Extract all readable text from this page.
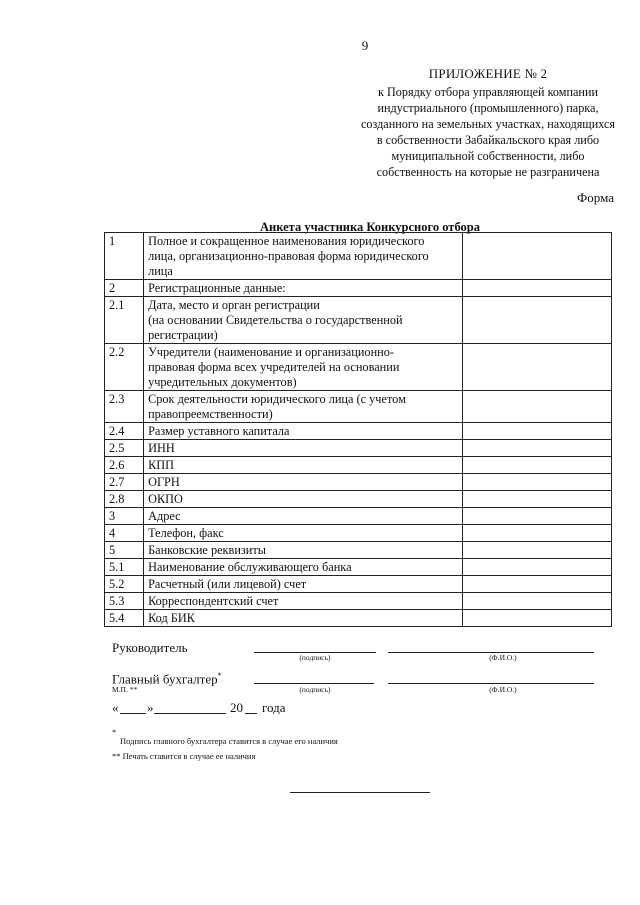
9
ПРИЛОЖЕНИЕ № 2
к Порядку отбора управляющей компании
индустриального (промышленного) парка,
созданного на земельных участках, находящихся
в собственности Забайкальского края либо
муниципальной собственности, либо
собственность на которые не разграничена
Форма
Анкета участника Конкурсного отбора
1	Полное и сокращенное наименования юридического
лица, организационно-правовая форма юридического
лица	

2	Регистрационные данные:	

2.1	Дата, место и орган регистрации
(на основании Свидетельства о государственной
регистрации)	

2.2	Учредители (наименование и организационно-
правовая форма всех учредителей на основании
учредительных документов)	

2.3	Срок деятельности юридического лица (с учетом
правопреемственности)	

2.4	Размер уставного капитала	

2.5	ИНН	

2.6	КПП	

2.7	ОГРН	

2.8	ОКПО	

3	Адрес	

4	Телефон, факс	

5	Банковские реквизиты	

5.1	Наименование обслуживающего банка	

5.2	Расчетный (или лицевой) счет	

5.3	Корреспондентский счет	

5.4	Код БИК	

Руководитель
(подпись)	(Ф.И.О.)
Главный бухгалтер*
М.П. **	(подпись)	(Ф.И.О.)
« »	20 года
*
Подпись главного бухгалтера ставится в случае его наличия
** Печать ставится в случае ее наличия
